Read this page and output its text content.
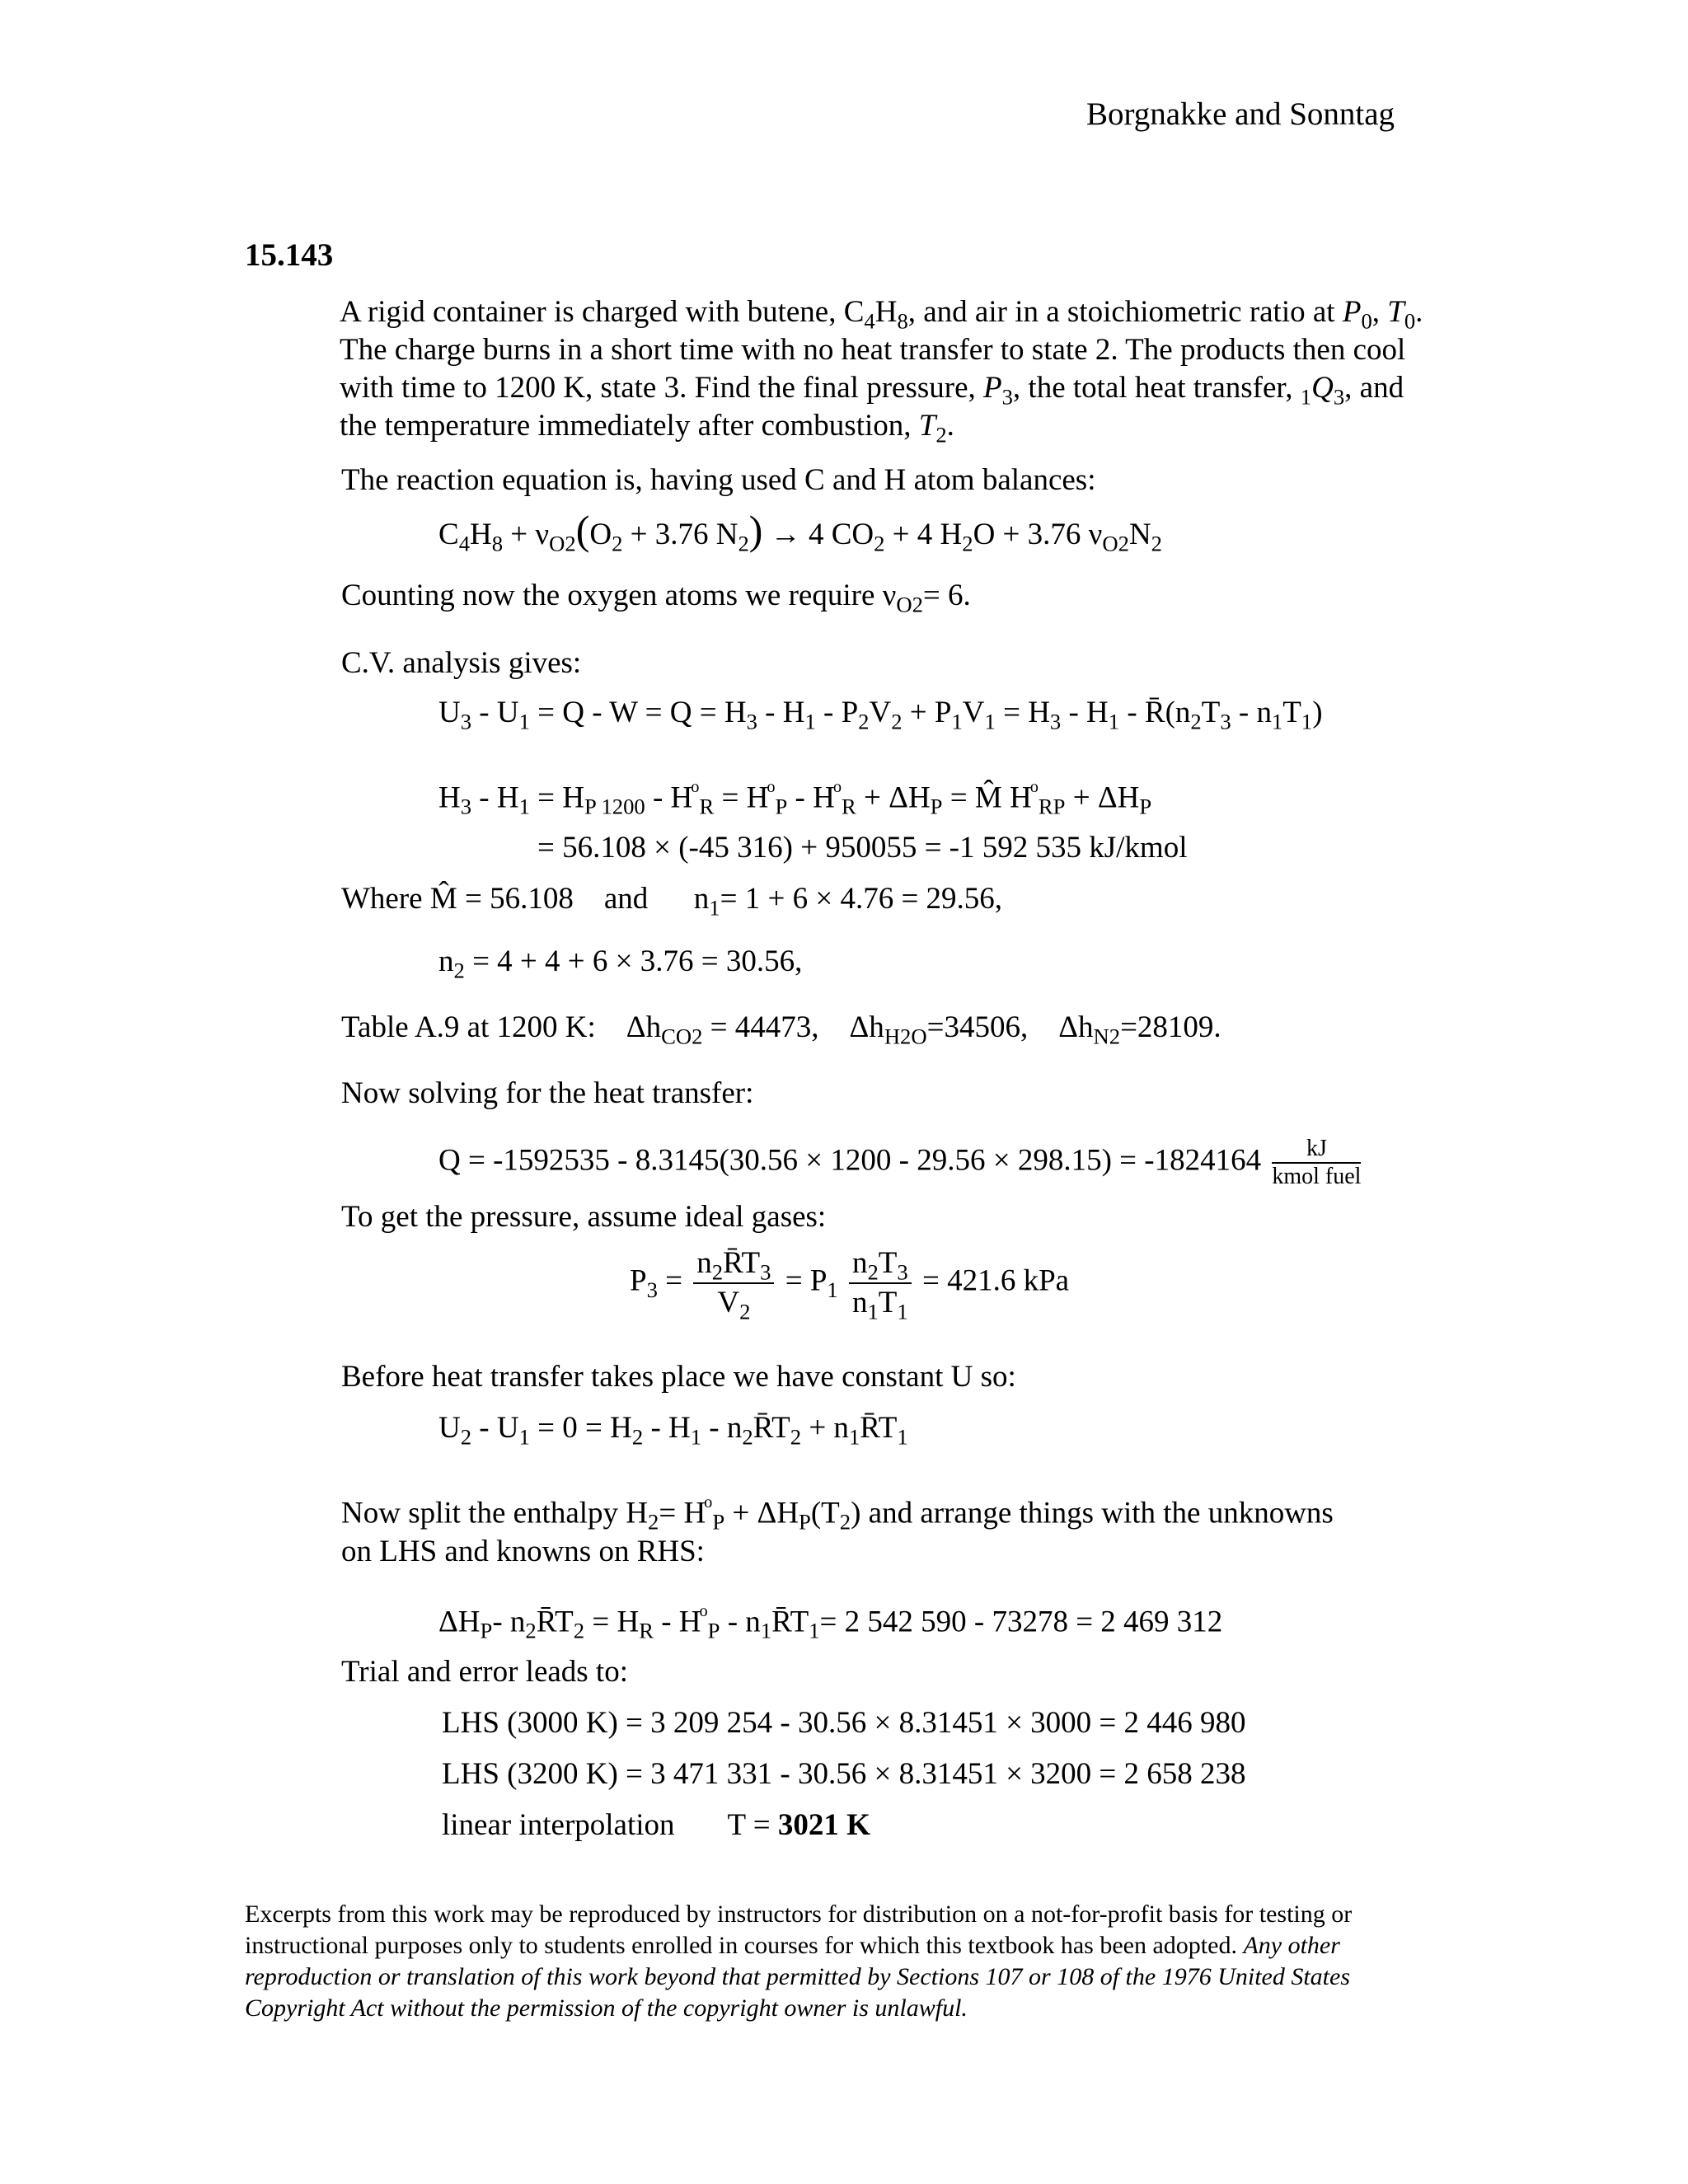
Borgnakke and Sonntag
15.143
A rigid container is charged with butene, $C_4H_8$, and air in a stoichiometric ratio at $P_0$, $T_0$. The charge burns in a short time with no heat transfer to state 2. The products then cool with time to 1200 K, state 3. Find the final pressure, $P_3$, the total heat transfer, $_1Q_3$, and the temperature immediately after combustion, $T_2$.
The reaction equation is, having used C and H atom balances:
$C_4H_8 + \nu_{O2}(O_2 + 3.76$ $N_2) \to 4$ $CO_2 + 4$ $H_2O + 3.76$ $\nu_{O2}N_2$
Counting now the oxygen atoms we require $\nu_{O2}= 6$.
C.V. analysis gives:
$U_3 - U_1 = Q - W = Q = H_3 - H_1 - P_2V_2 + P_1V_1 = H_3 - H_1$ - $R̄(n_2T_3 - n_1T_1)$
$H_3 - H_1 = H_{P 1200} - H^o_R = H^o_P - H^o_R + \Delta H_P$ = M̂ $H^o_{RP} + \Delta H_P$
= 56.108 × (-45 316) + 950055 = -1 592 535 kJ/kmol
Where M̂ = 56.108    and      $n_1= 1 + 6 \times 4.76 = 29.56$,
$n_2 = 4 + 4 + 6 \times 3.76 = 30.56$,
Table A.9 at 1200 K:    $\Delta h_{CO2} = 44473$,    $\Delta h_{H2O}=34506$,    $\Delta h_{N2}=28109$.
Now solving for the heat transfer:
$Q = -1592535 - 8.3145(30.56 \times 1200 - 29.56 \times 298.15) = -1824164 \frac{kJ}{\text{kmol fuel}}$
To get the pressure, assume ideal gases:
$P_3 = \frac{n_2R̄T_3}{V_2} = P_1 \frac{n_2T_3}{n_1T_1} = 421.6$ kPa
Before heat transfer takes place we have constant U so:
$U_2 - U_1 = 0 = H_2 - H_1$ - $n_2R̄T_2$ + $n_1R̄T_1$
Now split the enthalpy $H_2= H^o_P + \Delta H_P(T_2)$ and arrange things with the unknowns
on LHS and knowns on RHS:
$\Delta H_P-$ $n_2R̄T_2 = H_R - H^o_P$ - $n_1R̄T_1= 2$ 542 590 - 73278 = 2 469 312
Trial and error leads to:
LHS (3000 K) = 3 209 254 - 30.56 × 8.31451 × 3000 = 2 446 980
LHS (3200 K) = 3 471 331 - 30.56 × 8.31451 × 3200 = 2 658 238
linear interpolation T = 3021 K
Excerpts from this work may be reproduced by instructors for distribution on a not-for-profit basis for testing or instructional purposes only to students enrolled in courses for which this textbook has been adopted. Any other reproduction or translation of this work beyond that permitted by Sections 107 or 108 of the 1976 United States Copyright Act without the permission of the copyright owner is unlawful.
